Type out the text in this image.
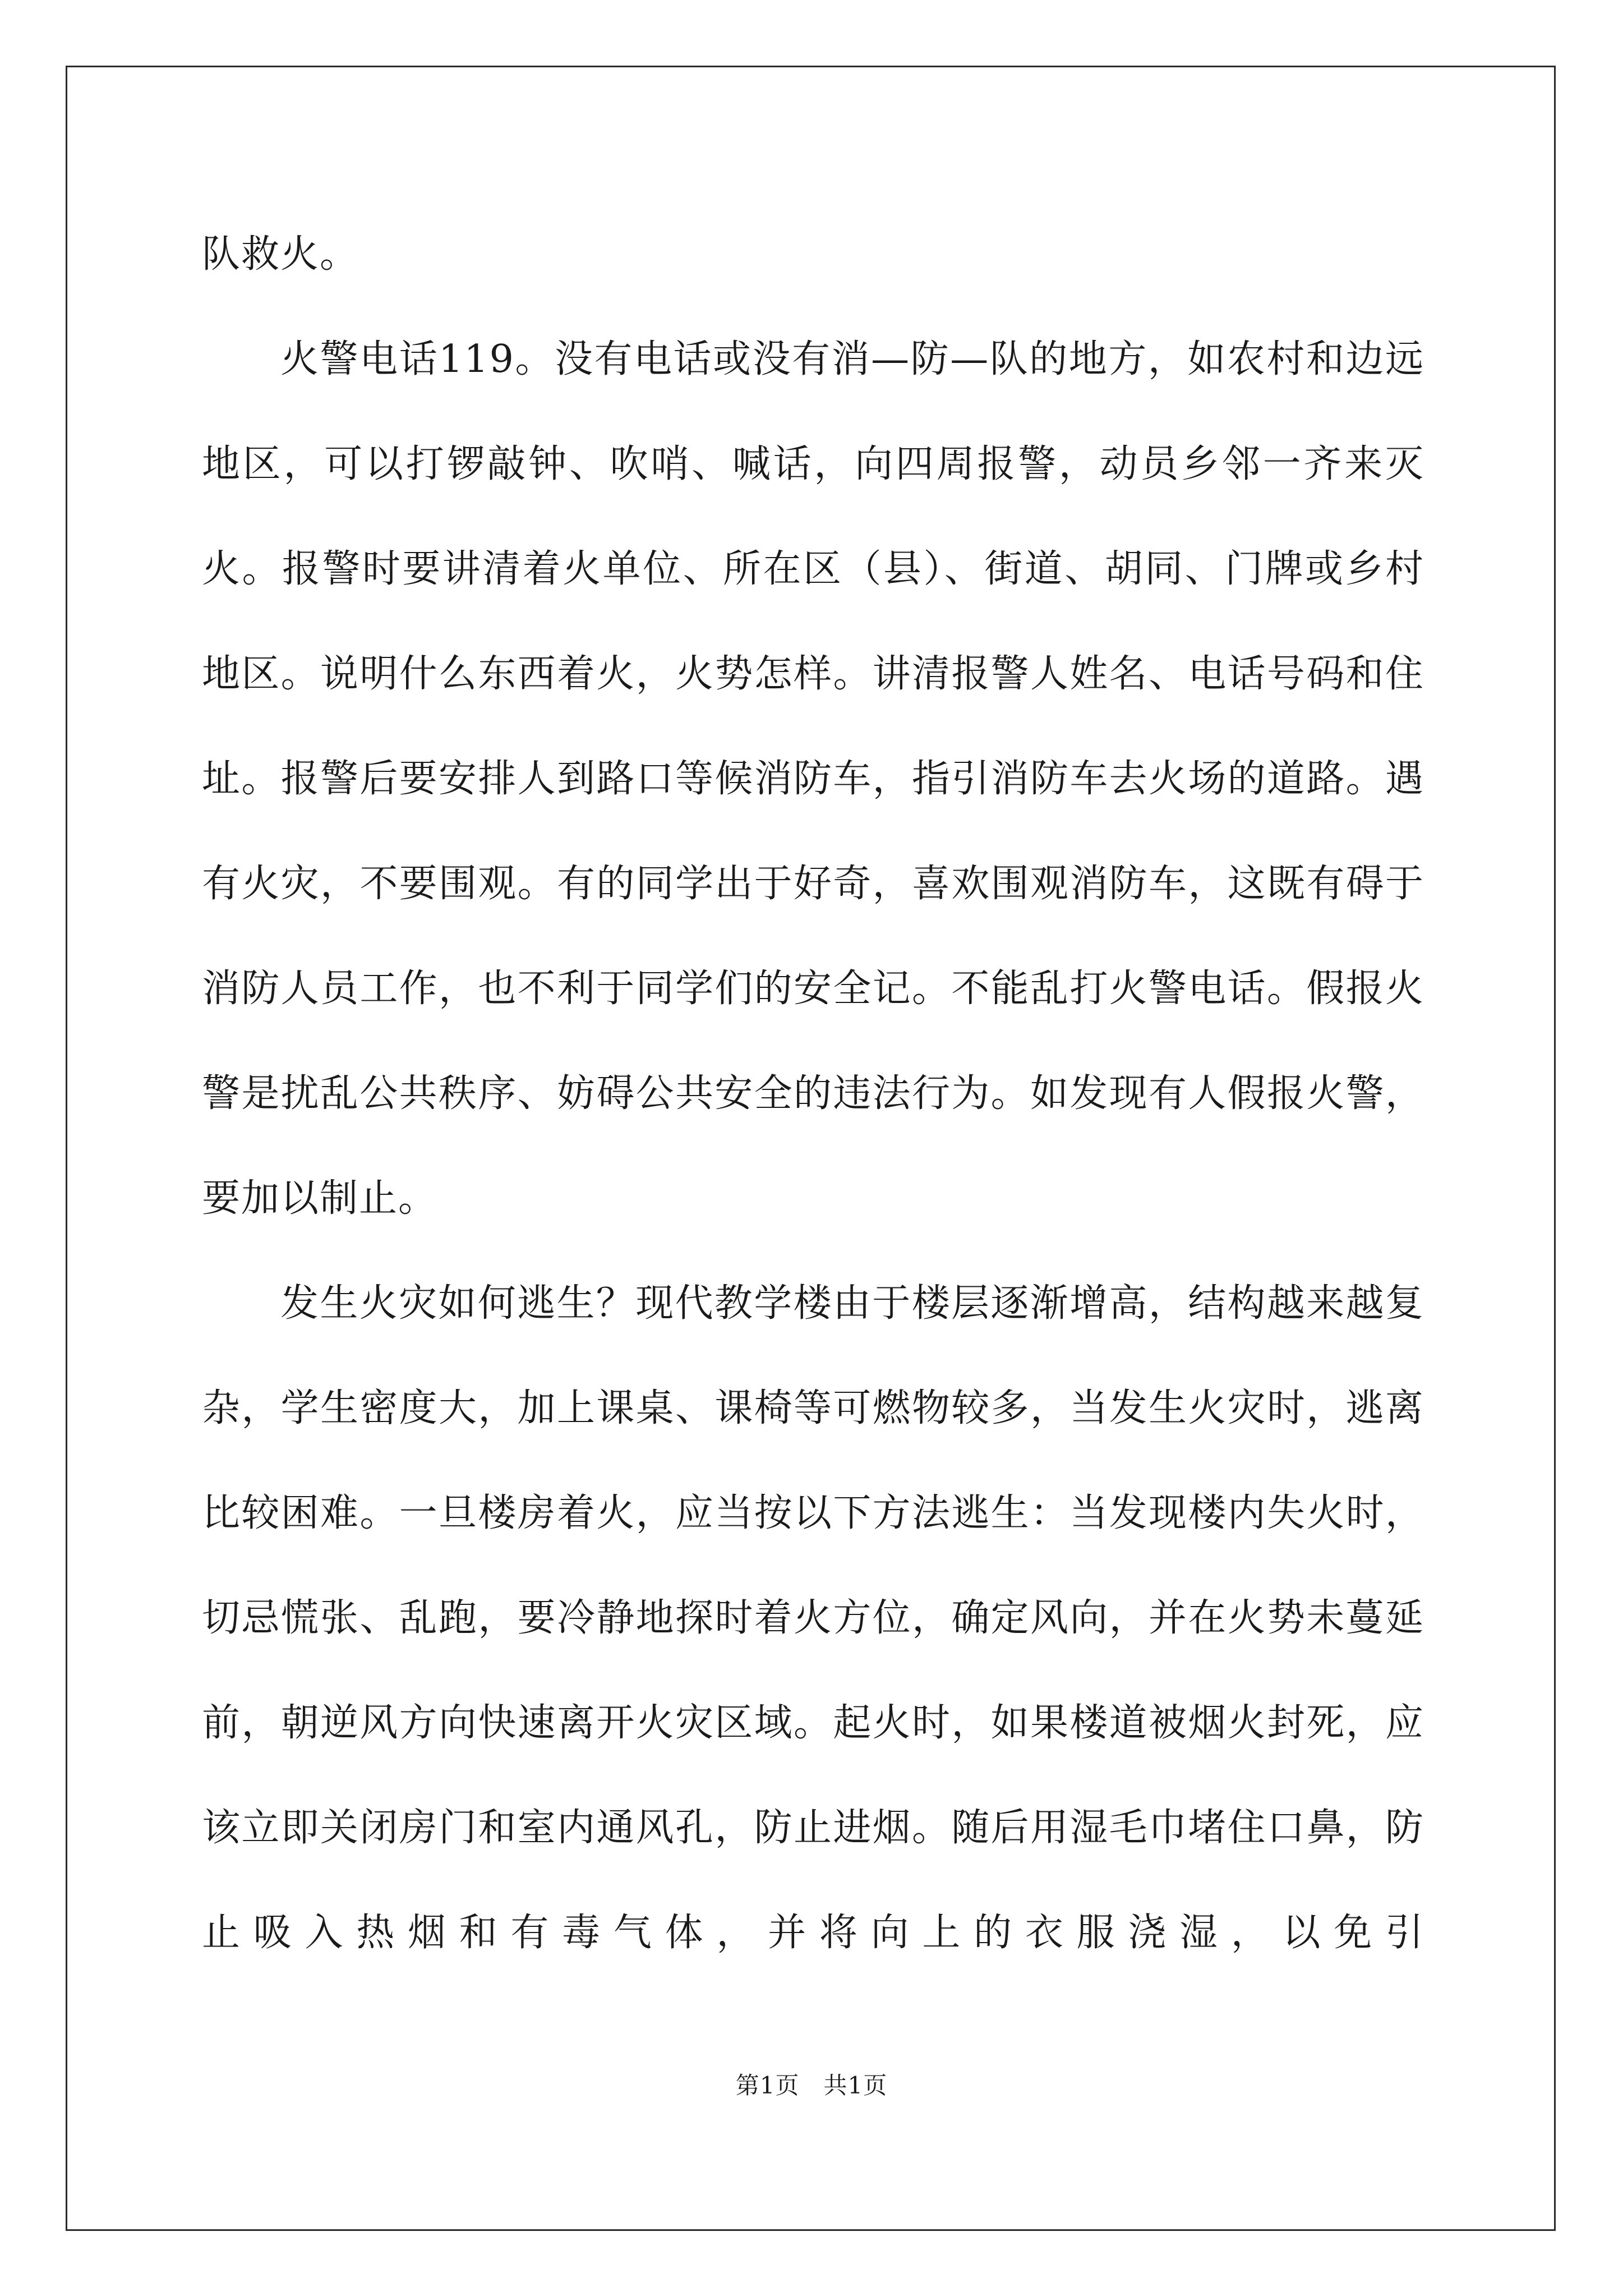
队救火。

火警电话119。没有电话或没有消—防—队的地方，如农村和边远地区，可以打锣敲钟、吹哨、喊话，向四周报警，动员乡邻一齐来灭火。报警时要讲清着火单位、所在区（县）、街道、胡同、门牌或乡村地区。说明什么东西着火，火势怎样。讲清报警人姓名、电话号码和住址。报警后要安排人到路口等候消防车，指引消防车去火场的道路。遇有火灾，不要围观。有的同学出于好奇，喜欢围观消防车，这既有碍于消防人员工作，也不利于同学们的安全记。不能乱打火警电话。假报火警是扰乱公共秩序、妨碍公共安全的违法行为。如发现有人假报火警，要加以制止。

发生火灾如何逃生？现代教学楼由于楼层逐渐增高，结构越来越复杂，学生密度大，加上课桌、课椅等可燃物较多，当发生火灾时，逃离比较困难。一旦楼房着火，应当按以下方法逃生：当发现楼内失火时，切忌慌张、乱跑，要冷静地探时着火方位，确定风向，并在火势未蔓延前，朝逆风方向快速离开火灾区域。起火时，如果楼道被烟火封死，应该立即关闭房门和室内通风孔，防止进烟。随后用湿毛巾堵住口鼻，防止吸入热烟和有毒气体，并将向上的衣服浇湿，以免引

第1页　共1页
